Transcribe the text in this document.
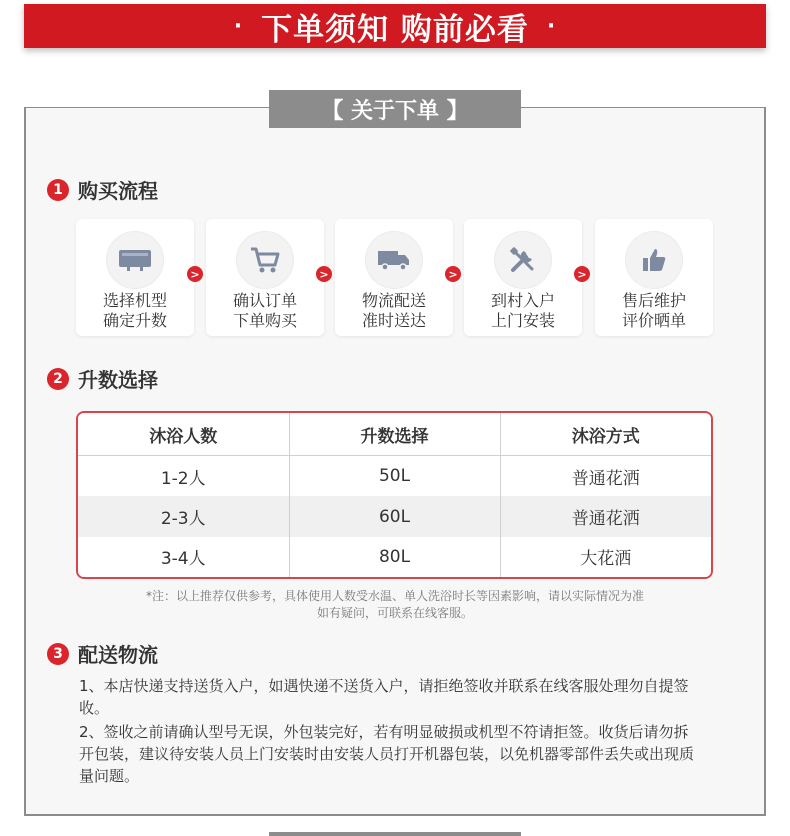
· 下单须知 购前必看 ·
【 关于下单 】
1 购买流程
选择机型
确定升数
>
确认订单
下单购买
>
物流配送
准时送达
>
到村入户
上门安装
>
售后维护
评价晒单
2 升数选择
沐浴人数	升数选择	沐浴方式
1-2人	50L	普通花洒
2-3人	60L	普通花洒
3-4人	80L	大花洒
*注：以上推荐仅供参考，具体使用人数受水温、单人洗浴时长等因素影响，请以实际情况为准
如有疑问，可联系在线客服。
3 配送物流
1、本店快递支持送货入户，如遇快递不送货入户，请拒绝签收并联系在线客服处理勿自提签收。
2、签收之前请确认型号无误，外包装完好，若有明显破损或机型不符请拒签。收货后请勿拆开包装，建议待安装人员上门安装时由安装人员打开机器包装，以免机器零部件丢失或出现质量问题。
